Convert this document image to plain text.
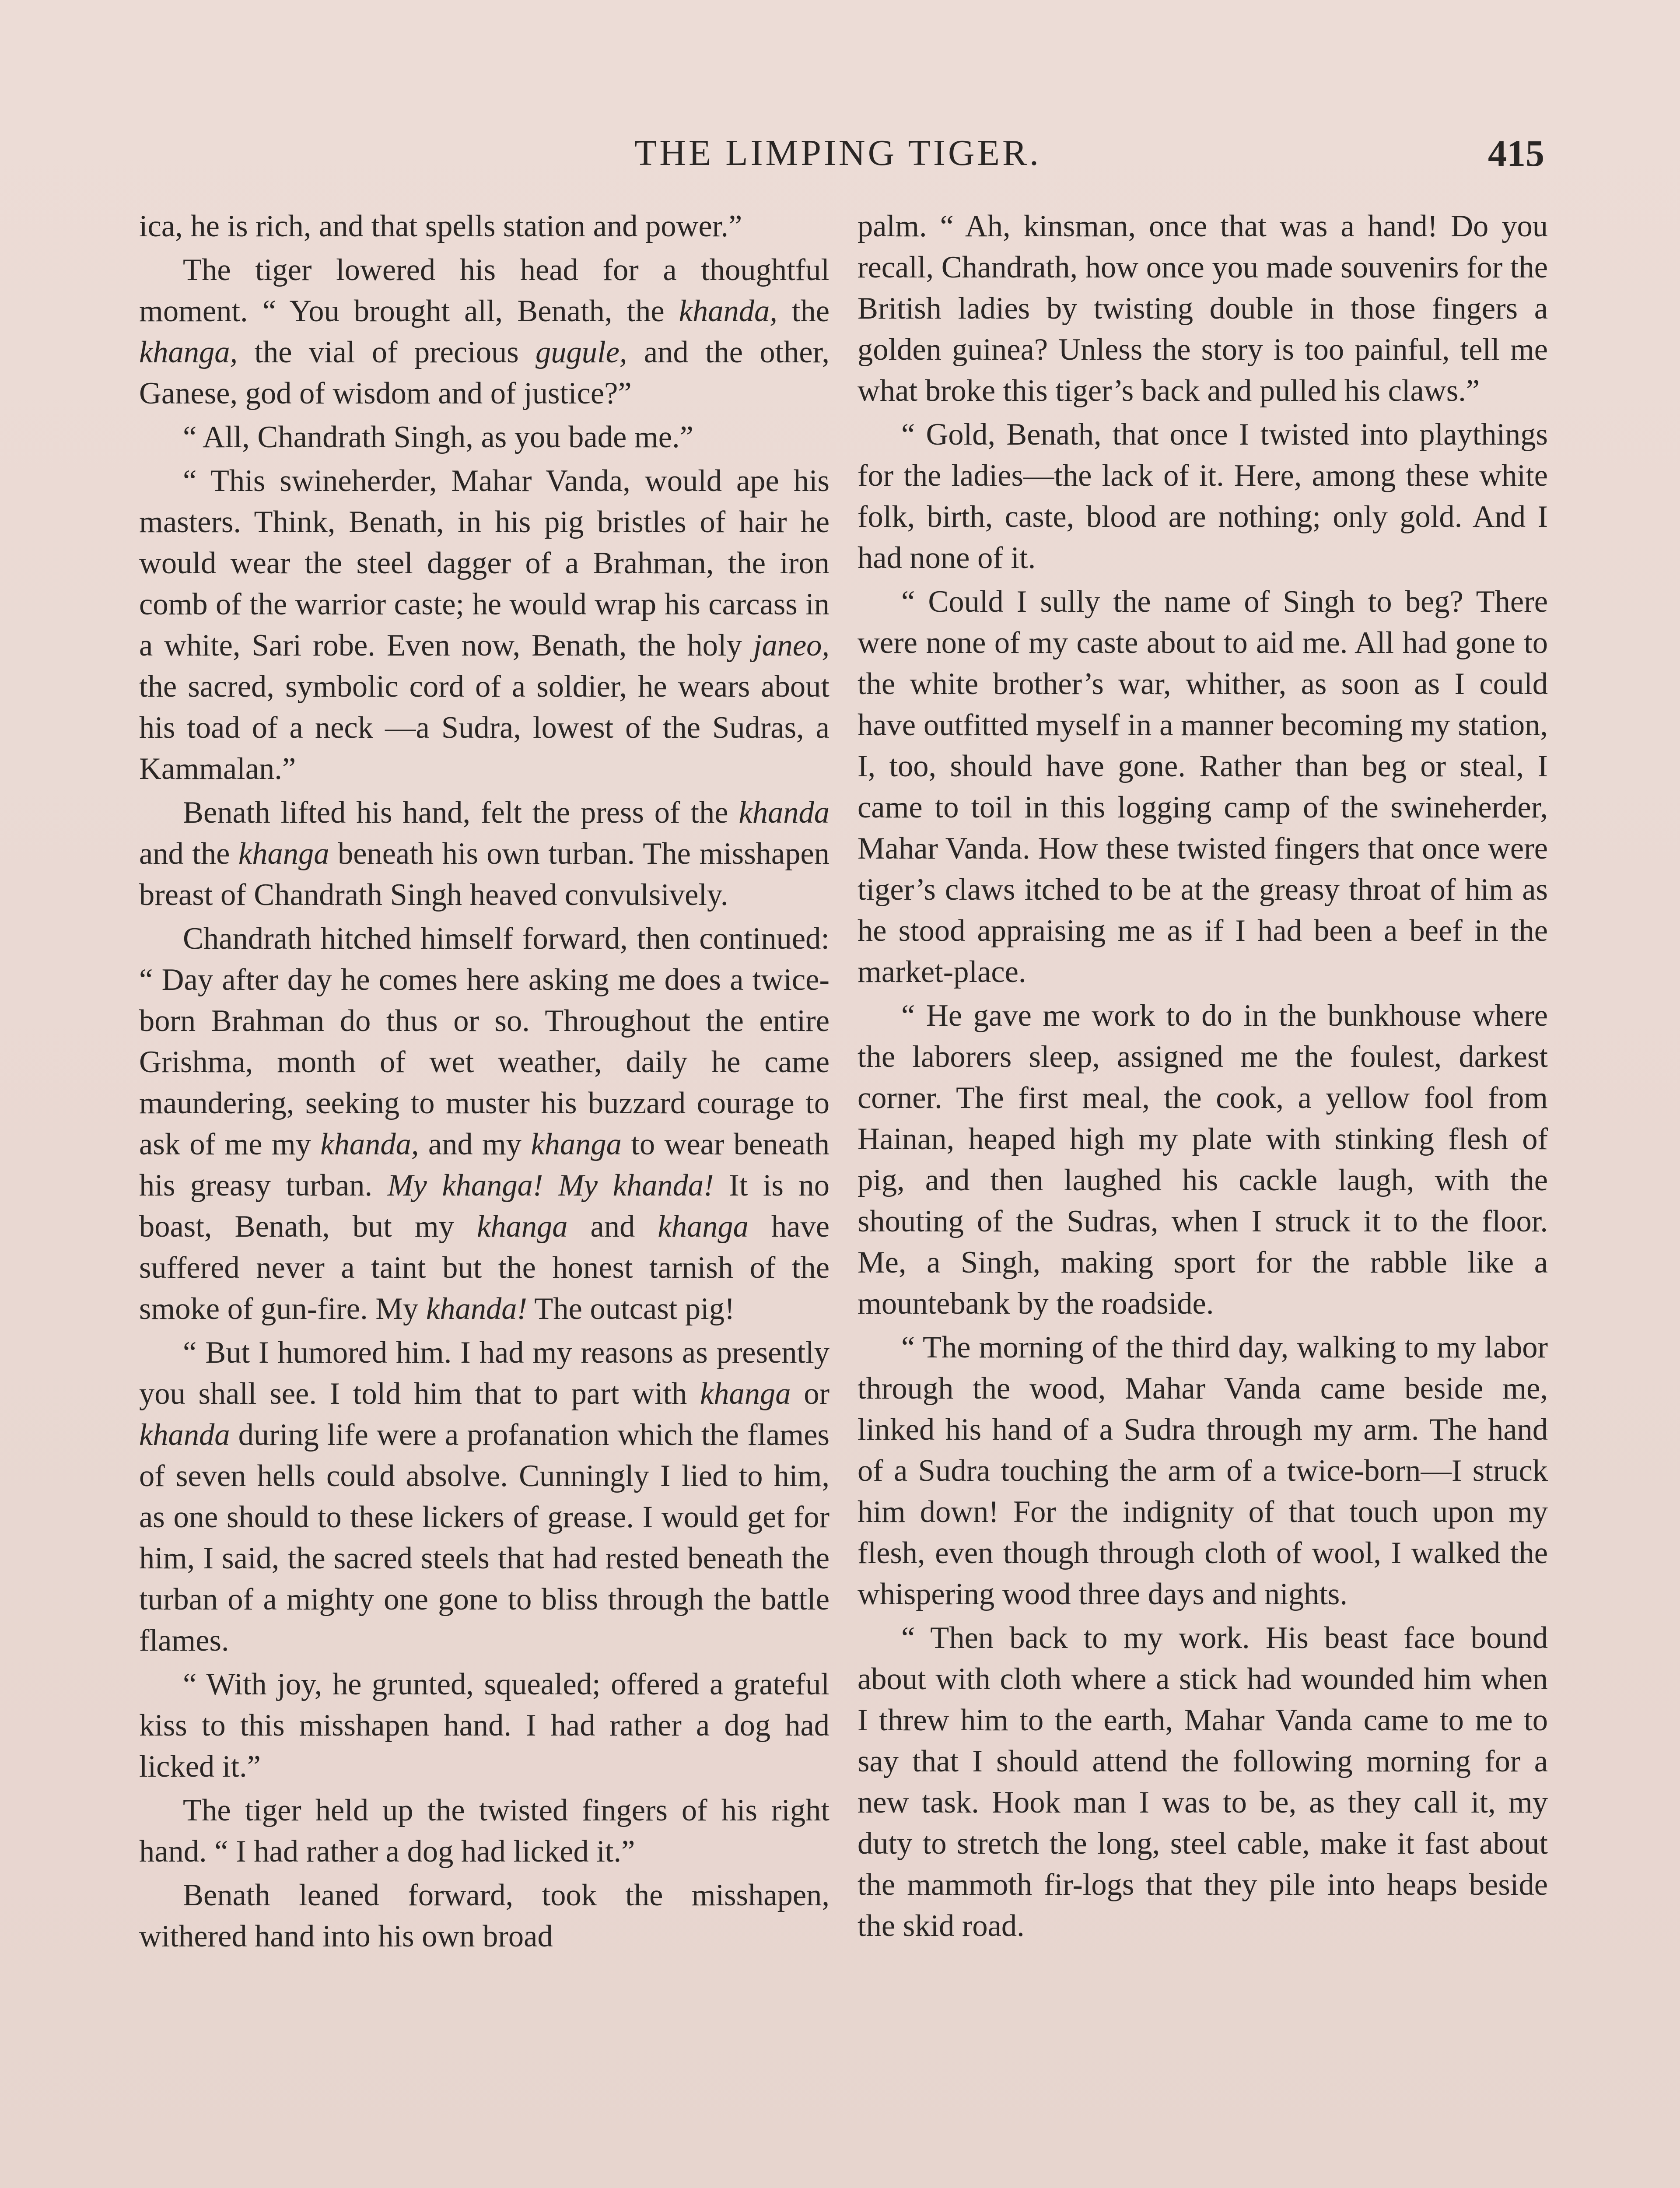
THE LIMPING TIGER.	415

ica, he is rich, and that spells station and power.”

The tiger lowered his head for a thoughtful moment. “ You brought all, Benath, the khanda, the khanga, the vial of precious gugule, and the other, Ganese, god of wisdom and of justice?”

“ All, Chandrath Singh, as you bade me.”

“ This swineherder, Mahar Vanda, would ape his masters. Think, Benath, in his pig bristles of hair he would wear the steel dagger of a Brahman, the iron comb of the warrior caste; he would wrap his carcass in a white, Sari robe. Even now, Benath, the holy janeo, the sacred, symbolic cord of a soldier, he wears about his toad of a neck —a Sudra, lowest of the Sudras, a Kammalan.”

Benath lifted his hand, felt the press of the khanda and the khanga beneath his own turban. The misshapen breast of Chandrath Singh heaved convulsively.

Chandrath hitched himself forward, then continued: “ Day after day he comes here asking me does a twice-born Brahman do thus or so. Throughout the entire Grishma, month of wet weather, daily he came maundering, seeking to muster his buzzard courage to ask of me my khanda, and my khanga to wear beneath his greasy turban. My khanga! My khanda! It is no boast, Benath, but my khanga and khanga have suffered never a taint but the honest tarnish of the smoke of gun-fire. My khanda! The outcast pig!

“ But I humored him. I had my reasons as presently you shall see. I told him that to part with khanga or khanda during life were a profanation which the flames of seven hells could absolve. Cunningly I lied to him, as one should to these lickers of grease. I would get for him, I said, the sacred steels that had rested beneath the turban of a mighty one gone to bliss through the battle flames.

“ With joy, he grunted, squealed; offered a grateful kiss to this misshapen hand. I had rather a dog had licked it.”

The tiger held up the twisted fingers of his right hand. “ I had rather a dog had licked it.”

Benath leaned forward, took the misshapen, withered hand into his own broad

palm. “ Ah, kinsman, once that was a hand! Do you recall, Chandrath, how once you made souvenirs for the British ladies by twisting double in those fingers a golden guinea? Unless the story is too painful, tell me what broke this tiger’s back and pulled his claws.”

“ Gold, Benath, that once I twisted into playthings for the ladies—the lack of it. Here, among these white folk, birth, caste, blood are nothing; only gold. And I had none of it.

“ Could I sully the name of Singh to beg? There were none of my caste about to aid me. All had gone to the white brother’s war, whither, as soon as I could have outfitted myself in a manner becoming my station, I, too, should have gone. Rather than beg or steal, I came to toil in this logging camp of the swineherder, Mahar Vanda. How these twisted fingers that once were tiger’s claws itched to be at the greasy throat of him as he stood appraising me as if I had been a beef in the market-place.

“ He gave me work to do in the bunkhouse where the laborers sleep, assigned me the foulest, darkest corner. The first meal, the cook, a yellow fool from Hainan, heaped high my plate with stinking flesh of pig, and then laughed his cackle laugh, with the shouting of the Sudras, when I struck it to the floor. Me, a Singh, making sport for the rabble like a mountebank by the roadside.

“ The morning of the third day, walking to my labor through the wood, Mahar Vanda came beside me, linked his hand of a Sudra through my arm. The hand of a Sudra touching the arm of a twice-born—I struck him down! For the indignity of that touch upon my flesh, even though through cloth of wool, I walked the whispering wood three days and nights.

“ Then back to my work. His beast face bound about with cloth where a stick had wounded him when I threw him to the earth, Mahar Vanda came to me to say that I should attend the following morning for a new task. Hook man I was to be, as they call it, my duty to stretch the long, steel cable, make it fast about the mammoth fir-logs that they pile into heaps beside the skid road.
